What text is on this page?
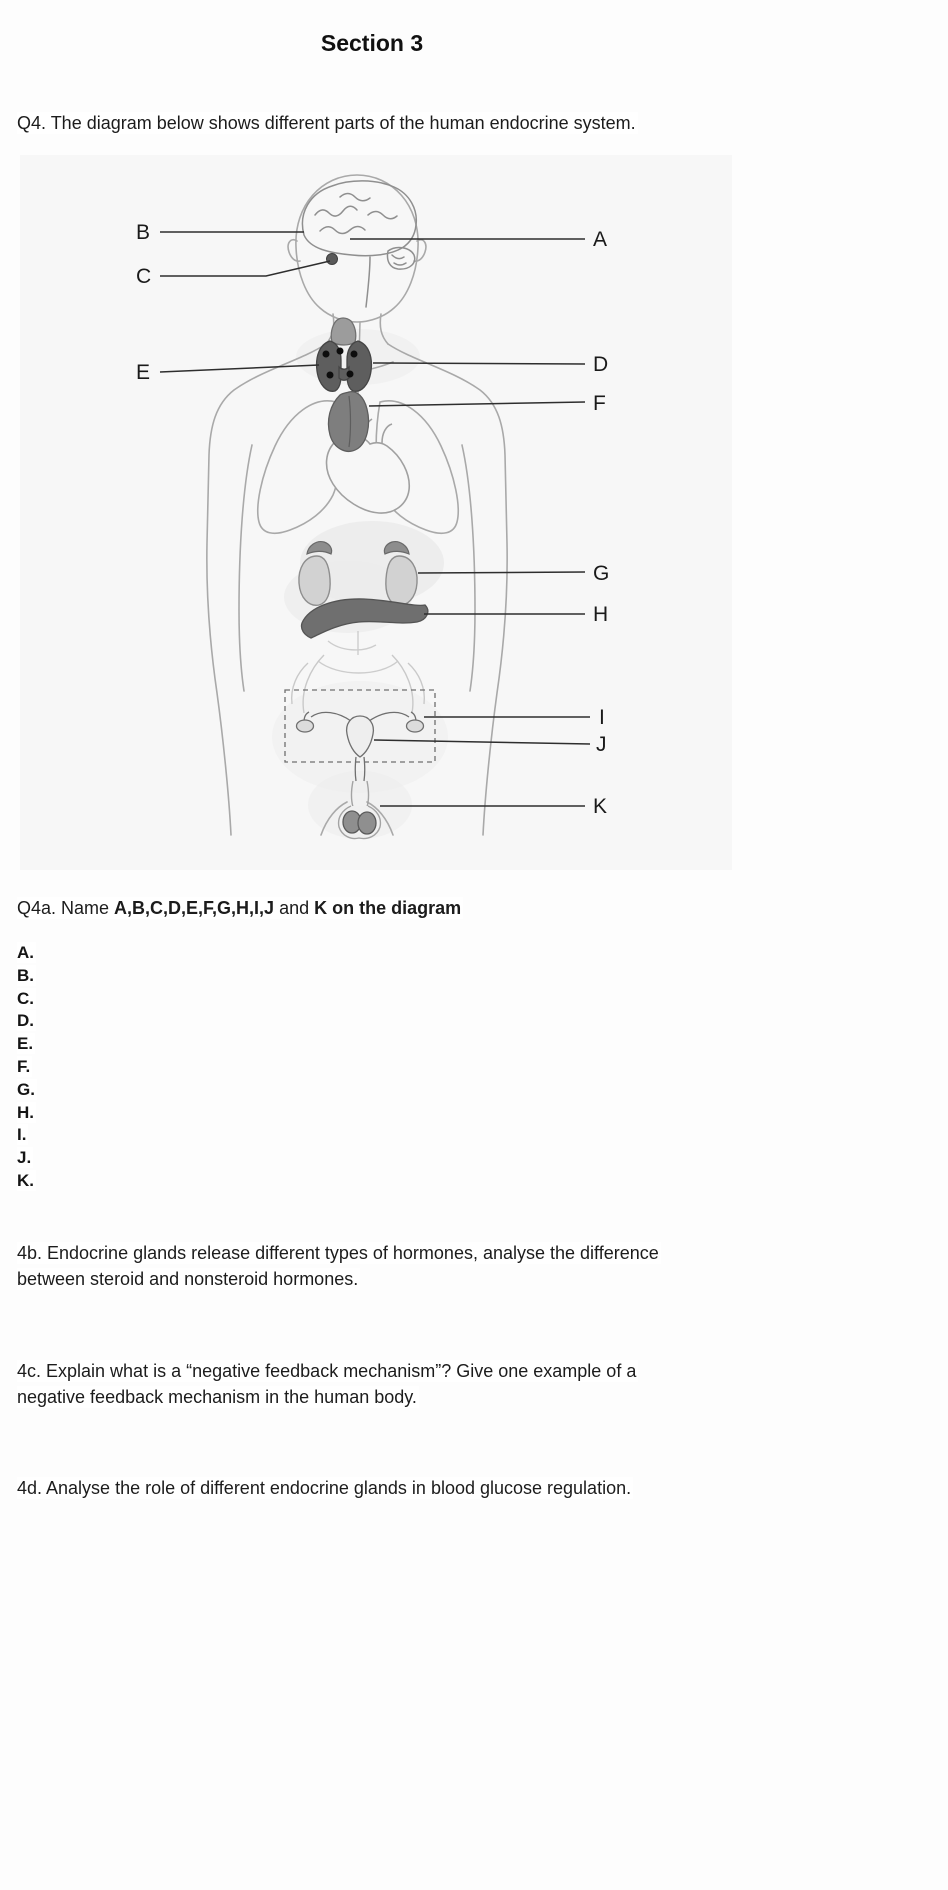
Section 3

Q4. The diagram below shows different parts of the human endocrine system.

A
B
C
D
E
F
G
H
I
J
K

Q4a. Name A,B,C,D,E,F,G,H,I,J and K on the diagram

A.
B.
C.
D.
E.
F.
G.
H.
I.
J.
K.

4b. Endocrine glands release different types of hormones, analyse the difference between steroid and nonsteroid hormones.

4c. Explain what is a “negative feedback mechanism”? Give one example of a negative feedback mechanism in the human body.

4d. Analyse the role of different endocrine glands in blood glucose regulation.
